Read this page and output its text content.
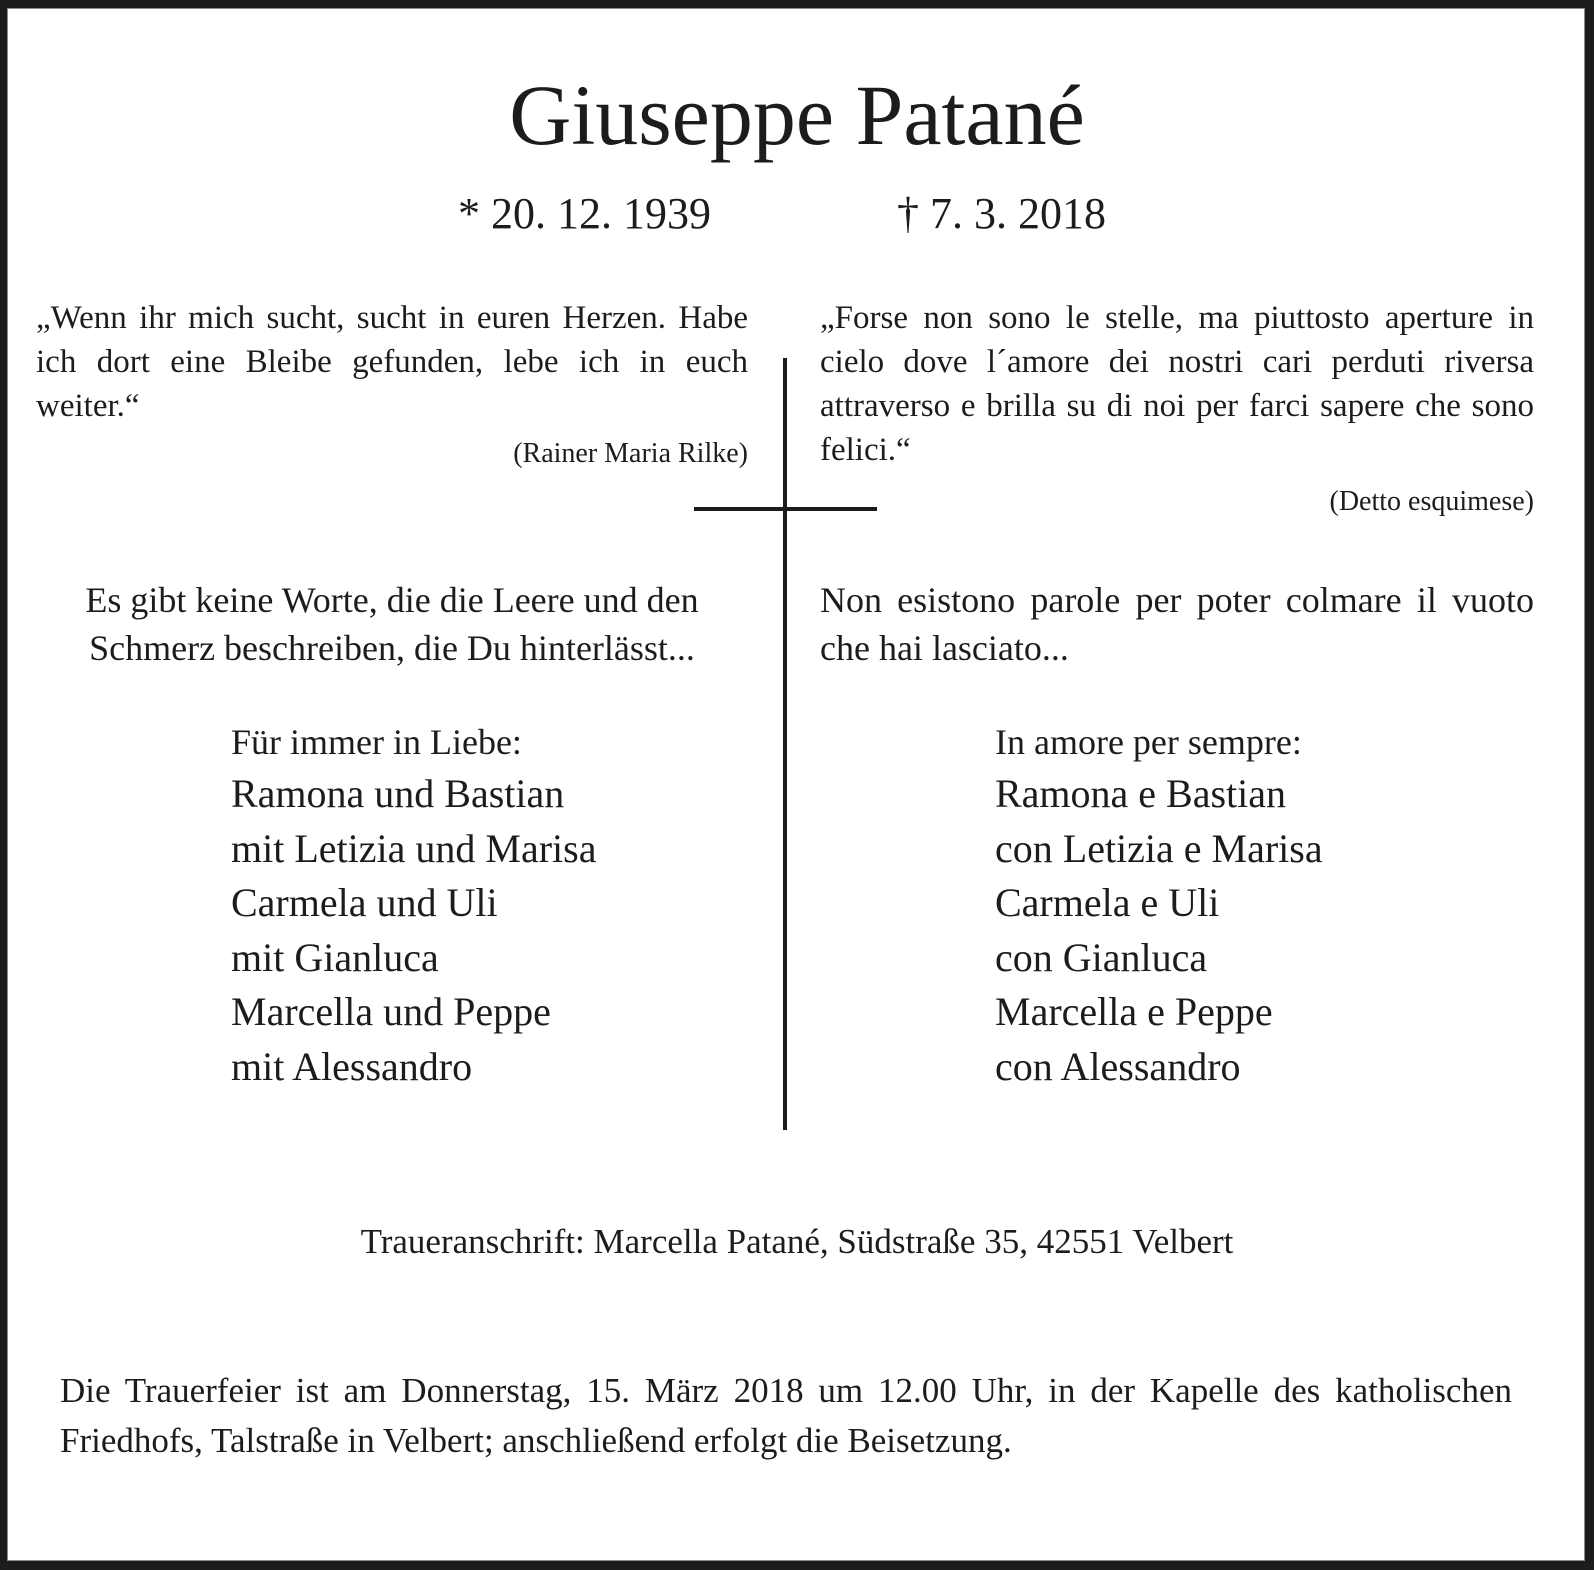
Giuseppe Patané
* 20. 12. 1939	† 7. 3. 2018
„Wenn ihr mich sucht, sucht in euren Herzen. Habe ich dort eine Bleibe gefunden, lebe ich in euch weiter.“
(Rainer Maria Rilke)
„Forse non sono le stelle, ma piuttosto aperture in cielo dove l´amore dei nostri cari perduti riversa attraverso e brilla su di noi per farci sapere che sono felici.“
(Detto esquimese)
Es gibt keine Worte, die die Leere und den Schmerz beschreiben, die Du hinterlässt...
Non esistono parole per poter colmare il vuoto che hai lasciato...
Für immer in Liebe:
Ramona und Bastian
mit Letizia und Marisa
Carmela und Uli
mit Gianluca
Marcella und Peppe
mit Alessandro
In amore per sempre:
Ramona e Bastian
con Letizia e Marisa
Carmela e Uli
con Gianluca
Marcella e Peppe
con Alessandro
Traueranschrift: Marcella Patané, Südstraße 35, 42551 Velbert
Die Trauerfeier ist am Donnerstag, 15. März 2018 um 12.00 Uhr, in der Kapelle des katholischen Friedhofs, Talstraße in Velbert; anschließend erfolgt die Beisetzung.
